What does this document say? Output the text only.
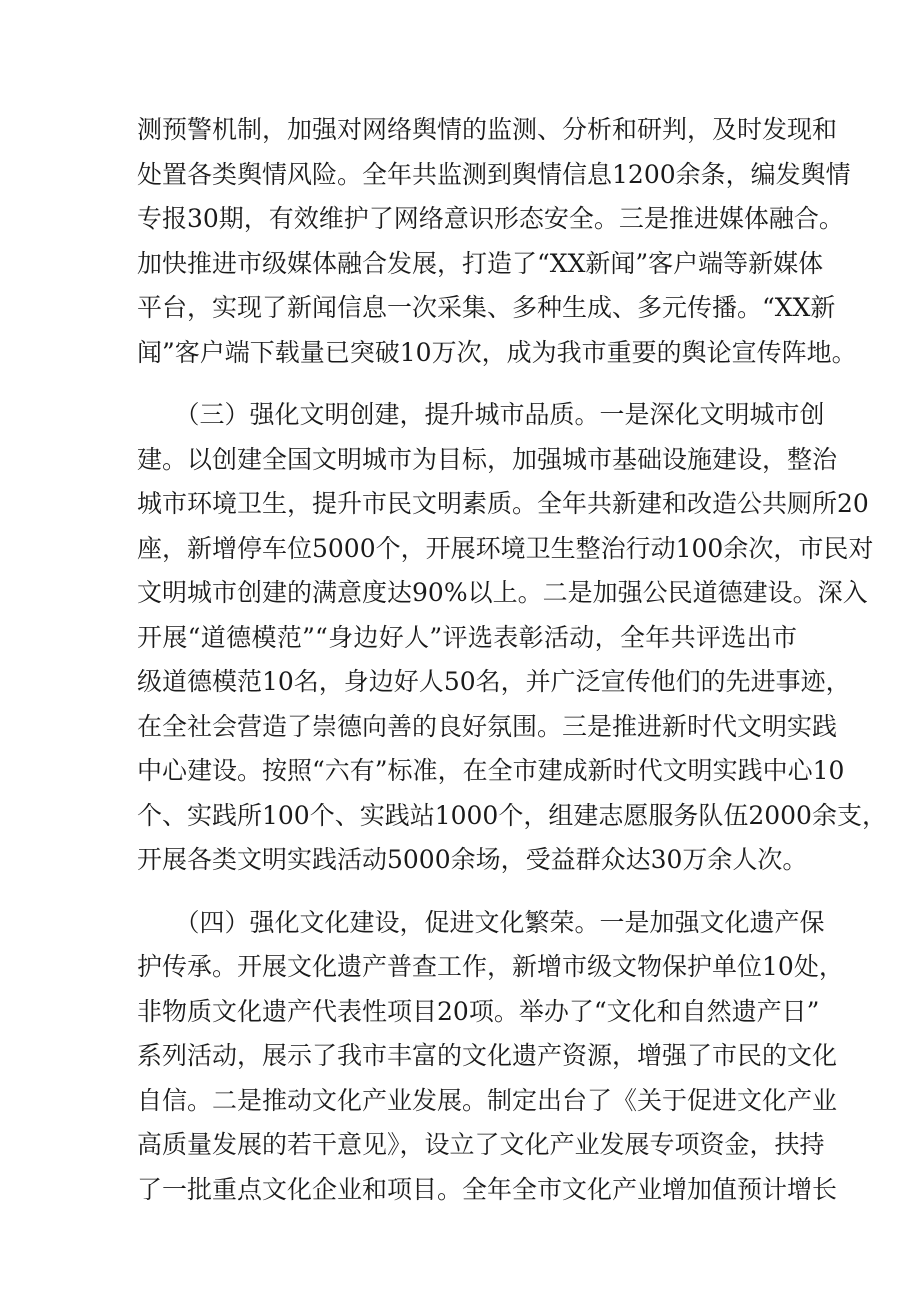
测预警机制，加强对网络舆情的监测、分析和研判，及时发现和
处置各类舆情风险。全年共监测到舆情信息1200余条，编发舆情
专报30期，有效维护了网络意识形态安全。三是推进媒体融合。
加快推进市级媒体融合发展，打造了“XX新闻”客户端等新媒体
平台，实现了新闻信息一次采集、多种生成、多元传播。“XX新
闻”客户端下载量已突破10万次，成为我市重要的舆论宣传阵地。
　　（三）强化文明创建，提升城市品质。一是深化文明城市创
建。以创建全国文明城市为目标，加强城市基础设施建设，整治
城市环境卫生，提升市民文明素质。全年共新建和改造公共厕所20
座，新增停车位5000个，开展环境卫生整治行动100余次，市民对
文明城市创建的满意度达90%以上。二是加强公民道德建设。深入
开展“道德模范”“身边好人”评选表彰活动，全年共评选出市
级道德模范10名，身边好人50名，并广泛宣传他们的先进事迹，
在全社会营造了崇德向善的良好氛围。三是推进新时代文明实践
中心建设。按照“六有”标准，在全市建成新时代文明实践中心10
个、实践所100个、实践站1000个，组建志愿服务队伍2000余支，
开展各类文明实践活动5000余场，受益群众达30万余人次。
　　（四）强化文化建设，促进文化繁荣。一是加强文化遗产保
护传承。开展文化遗产普查工作，新增市级文物保护单位10处，
非物质文化遗产代表性项目20项。举办了“文化和自然遗产日”
系列活动，展示了我市丰富的文化遗产资源，增强了市民的文化
自信。二是推动文化产业发展。制定出台了《关于促进文化产业
高质量发展的若干意见》，设立了文化产业发展专项资金，扶持
了一批重点文化企业和项目。全年全市文化产业增加值预计增长
